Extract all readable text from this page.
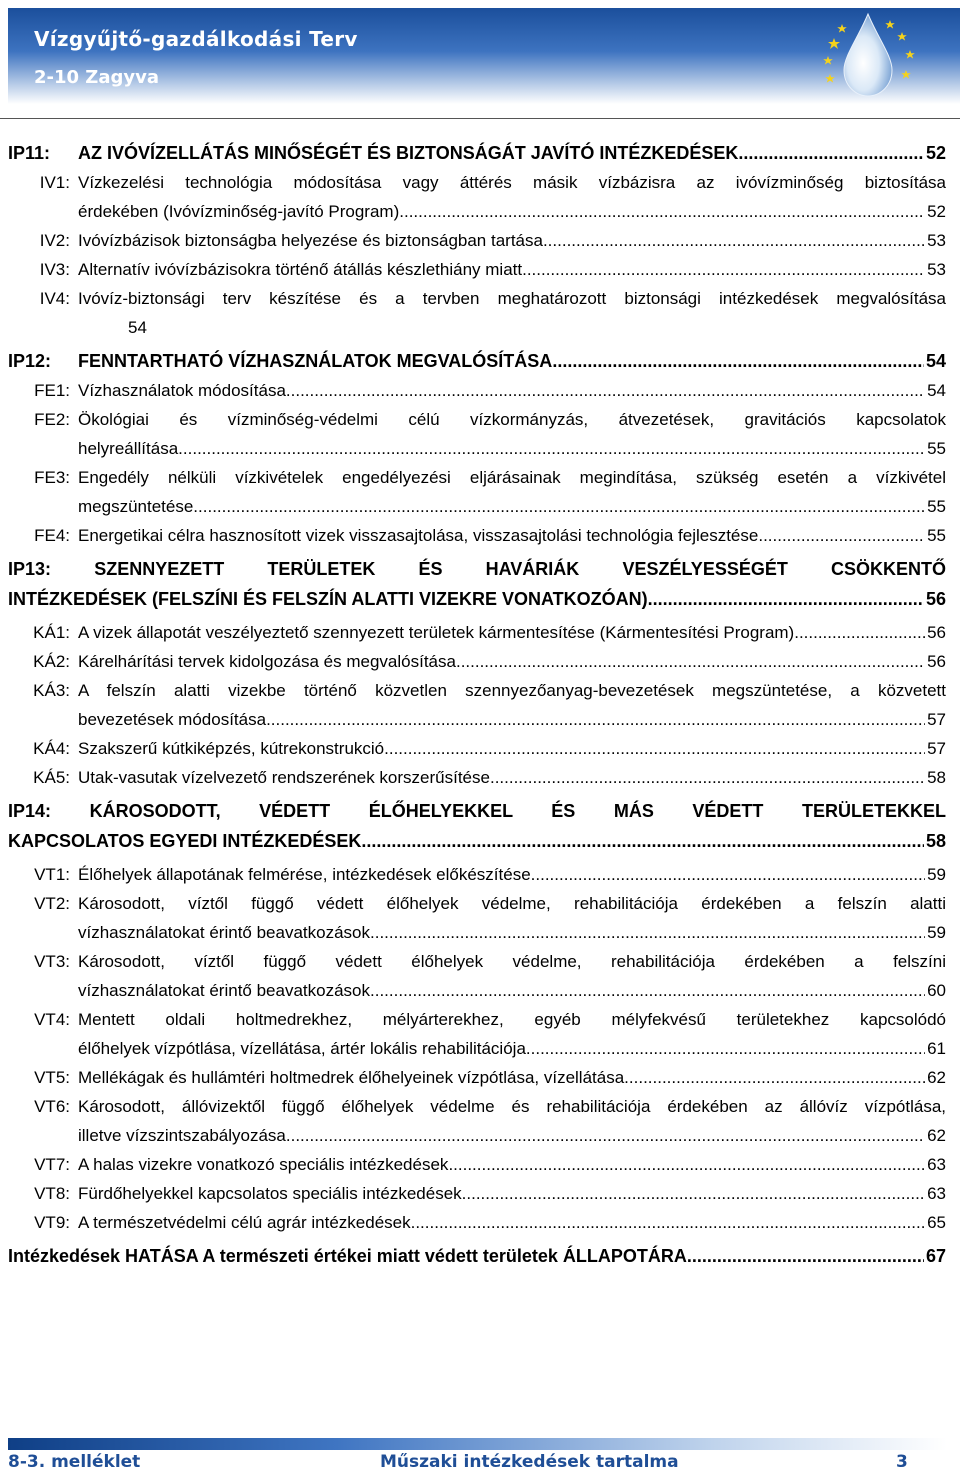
Vízgyűjtő-gazdálkodási Terv
2-10 Zagyva
IP11:	AZ IVÓVÍZELLÁTÁS MINŐSÉGÉT ÉS BIZTONSÁGÁT JAVÍTÓ INTÉZKEDÉSEK .....	52

IV1: Vízkezelési technológia módosítása vagy áttérés másik vízbázisra az ivóvízminőség biztosítása

érdekében (Ivóvízminőség-javító Program) .....	52

IV2: Ivóvízbázisok biztonságba helyezése és biztonságban tartása .....	53

IV3: Alternatív ivóvízbázisokra történő átállás készlethiány miatt .....	53

IV4: Ivóvíz-biztonsági terv készítése és a tervben meghatározott biztonsági intézkedések megvalósítása

54

IP12:	FENNTARTHATÓ VÍZHASZNÁLATOK MEGVALÓSÍTÁSA .....	54

FE1: Vízhasználatok módosítása .....	54

FE2: Ökológiai és vízminőség-védelmi célú vízkormányzás, átvezetések, gravitációs kapcsolatok

helyreállítása .....	55

FE3: Engedély nélküli vízkivételek engedélyezési eljárásainak megindítása, szükség esetén a vízkivétel

megszüntetése .....	55

FE4: Energetikai célra hasznosított vizek visszasajtolása, visszasajtolási technológia fejlesztése .....	55

IP13: SZENNYEZETT TERÜLETEK ÉS HAVÁRIÁK VESZÉLYESSÉGÉT CSÖKKENTŐ

INTÉZKEDÉSEK (FELSZÍNI ÉS FELSZÍN ALATTI VIZEKRE VONATKOZÓAN) .....	56

KÁ1: A vizek állapotát veszélyeztető szennyezett területek kármentesítése (Kármentesítési Program) .....	56

KÁ2: Kárelhárítási tervek kidolgozása és megvalósítása .....	56

KÁ3: A felszín alatti vizekbe történő közvetlen szennyezőanyag-bevezetések megszüntetése, a közvetett

bevezetések módosítása .....	57

KÁ4: Szakszerű kútkiképzés, kútrekonstrukció .....	57

KÁ5: Utak-vasutak vízelvezető rendszerének korszerűsítése .....	58

IP14: KÁROSODOTT, VÉDETT ÉLŐHELYEKKEL ÉS MÁS VÉDETT TERÜLETEKKEL

KAPCSOLATOS EGYEDI INTÉZKEDÉSEK .....	58

VT1: Élőhelyek állapotának felmérése, intézkedések előkészítése .....	59

VT2: Károsodott, víztől függő védett élőhelyek védelme, rehabilitációja érdekében a felszín alatti

vízhasználatokat érintő beavatkozások .....	59

VT3: Károsodott, víztől függő védett élőhelyek védelme, rehabilitációja érdekében a felszíni

vízhasználatokat érintő beavatkozások .....	60

VT4: Mentett oldali holtmedrekhez, mélyárterekhez, egyéb mélyfekvésű területekhez kapcsolódó

élőhelyek vízpótlása, vízellátása, ártér lokális rehabilitációja .....	61

VT5: Mellékágak és hullámtéri holtmedrek élőhelyeinek vízpótlása, vízellátása .....	62

VT6: Károsodott, állóvizektől függő élőhelyek védelme és rehabilitációja érdekében az állóvíz vízpótlása,

illetve vízszintszabályozása .....	62

VT7: A halas vizekre vonatkozó speciális intézkedések .....	63

VT8: Fürdőhelyekkel kapcsolatos speciális intézkedések .....	63

VT9: A természetvédelmi célú agrár intézkedések .....	65

Intézkedések HATÁSA A természeti értékei miatt védett területek ÁLLAPOTÁRA .....	67

8-3. melléklet	Műszaki intézkedések tartalma	3
